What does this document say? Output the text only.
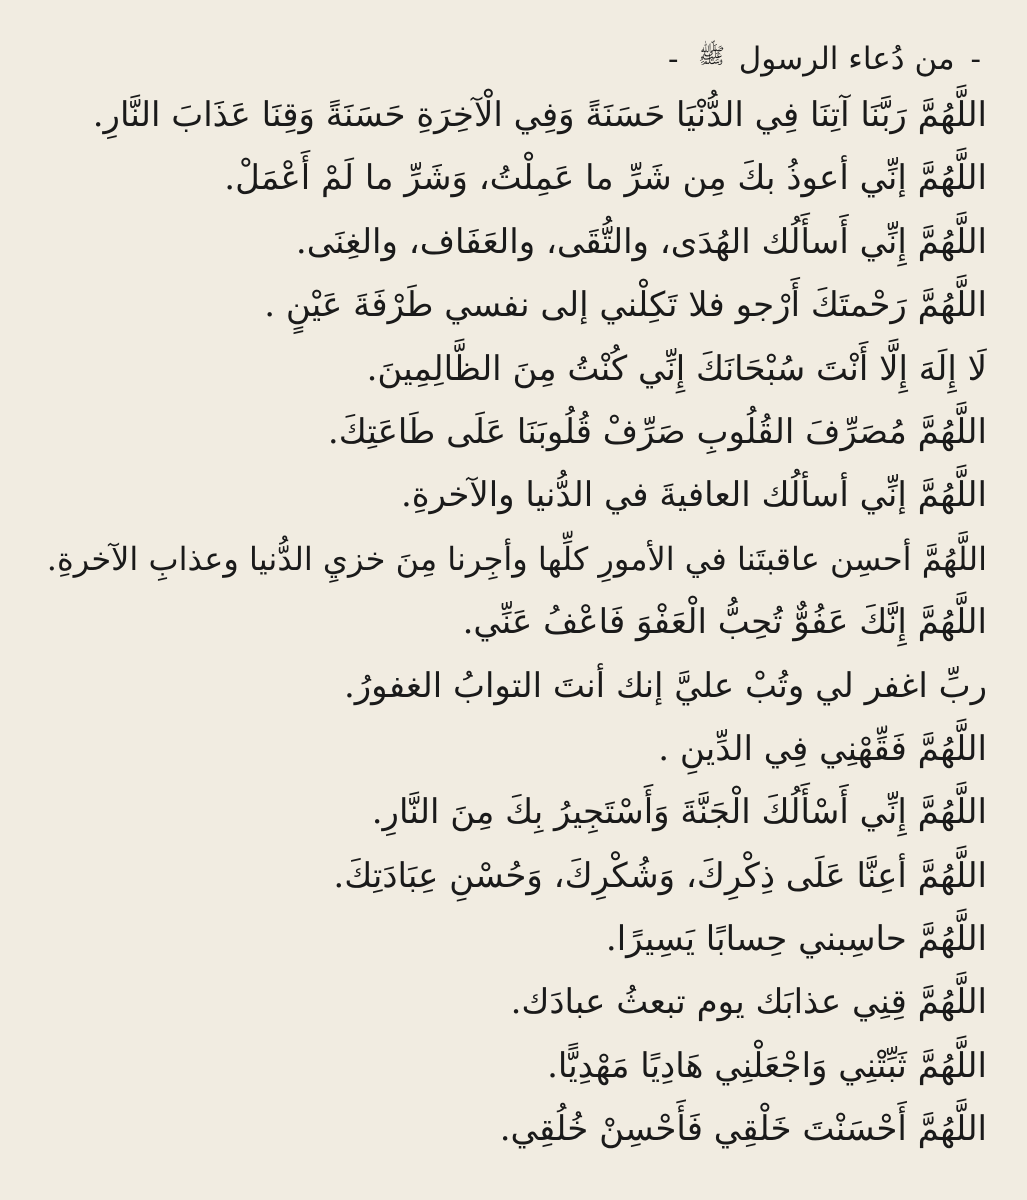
- من دُعاء الرسول ﷺ -
اللَّهُمَّ رَبَّنَا آتِنَا فِي الدُّنْيَا حَسَنَةً وَفِي الْآخِرَةِ حَسَنَةً وَقِنَا عَذَابَ النَّارِ.
اللَّهُمَّ إنِّي أعوذُ بكَ مِن شَرِّ ما عَمِلْتُ، وَشَرِّ ما لَمْ أَعْمَلْ.
اللَّهُمَّ إِنِّي أَسأَلُك الهُدَى، والتُّقَى، والعَفَاف، والغِنَى.
اللَّهُمَّ رَحْمتَكَ أَرْجو فلا تَكِلْني إلى نفسي طَرْفَةَ عَيْنٍ .
لَا إِلَهَ إِلَّا أَنْتَ سُبْحَانَكَ إِنِّي كُنْتُ مِنَ الظَّالِمِينَ.
اللَّهُمَّ مُصَرِّفَ القُلُوبِ صَرِّفْ قُلُوبَنَا عَلَى طَاعَتِكَ.
اللَّهُمَّ إنِّي أسألُك العافيةَ في الدُّنيا والآخرةِ.
اللَّهُمَّ أحسِن عاقبتَنا في الأمورِ كلِّها وأجِرنا مِنَ خزيِ الدُّنيا وعذابِ الآخرةِ.
اللَّهُمَّ إِنَّكَ عَفُوٌّ تُحِبُّ الْعَفْوَ فَاعْفُ عَنِّي.
ربِّ اغفر لي وتُبْ عليَّ إنك أنتَ التوابُ الغفورُ.
اللَّهُمَّ فَقِّهْنِي فِي الدِّينِ .
اللَّهُمَّ إِنِّي أَسْأَلُكَ الْجَنَّةَ وَأَسْتَجِيرُ بِكَ مِنَ النَّارِ.
اللَّهُمَّ أعِنَّا عَلَى ذِكْرِكَ، وَشُكْرِكَ، وَحُسْنِ عِبَادَتِكَ.
اللَّهُمَّ حاسِبني حِسابًا يَسِيرًا.
اللَّهُمَّ قِنِي عذابَك يوم تبعثُ عبادَك.
اللَّهُمَّ ثَبِّتْنِي وَاجْعَلْنِي هَادِيًا مَهْدِيًّا.
اللَّهُمَّ أَحْسَنْتَ خَلْقِي فَأَحْسِنْ خُلُقِي.
